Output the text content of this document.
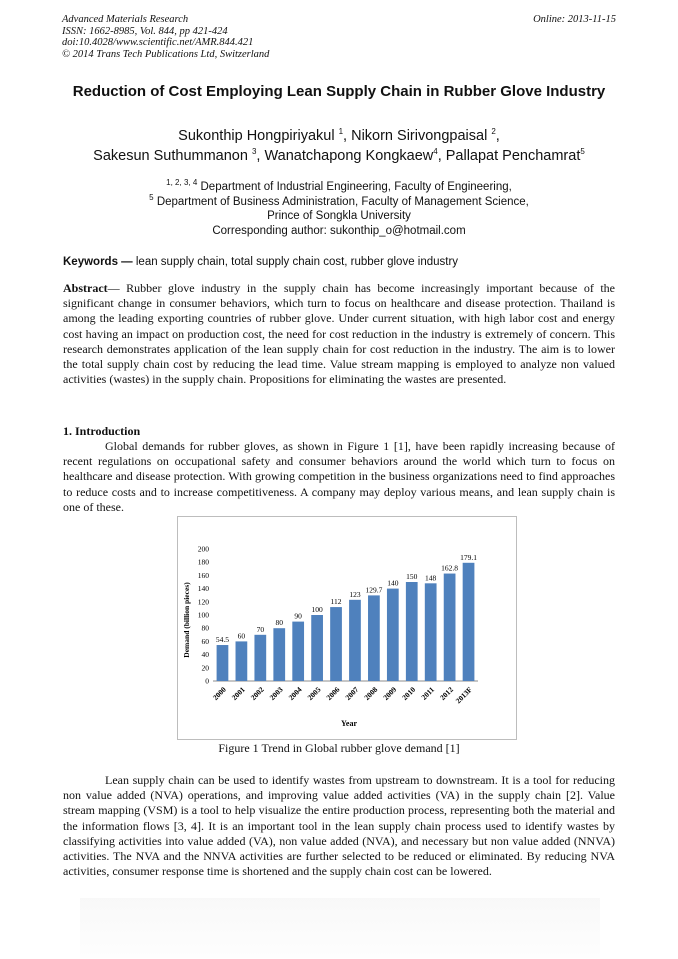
Advanced Materials Research
ISSN: 1662-8985, Vol. 844, pp 421-424
doi:10.4028/www.scientific.net/AMR.844.421
© 2014 Trans Tech Publications Ltd, Switzerland
Online: 2013-11-15
Reduction of Cost Employing Lean Supply Chain in Rubber Glove Industry
Sukonthip Hongpiriyakul $^1$, Nikorn Sirivongpaisal $^2$,
Sakesun Suthummanon $^3$, Wanatchapong Kongkaew$^4$, Pallapat Penchamrat$^5$
$^{1, 2, 3, 4}$ Department of Industrial Engineering, Faculty of Engineering,
$^5$ Department of Business Administration, Faculty of Management Science,
Prince of Songkla University
Corresponding author: sukonthip_o@hotmail.com
Keywords — lean supply chain, total supply chain cost, rubber glove industry
Abstract— Rubber glove industry in the supply chain has become increasingly important because of the significant change in consumer behaviors, which turn to focus on healthcare and disease protection. Thailand is among the leading exporting countries of rubber glove. Under current situation, with high labor cost and energy cost having an impact on production cost, the need for cost reduction in the industry is extremely of concern. This research demonstrates application of the lean supply chain for cost reduction in the industry. The aim is to lower the total supply chain cost by reducing the lead time. Value stream mapping is employed to analyze non valued activities (wastes) in the supply chain. Propositions for eliminating the wastes are presented.
1. Introduction
Global demands for rubber gloves, as shown in Figure 1 [1], have been rapidly increasing because of recent regulations on occupational safety and consumer behaviors around the world which turn to focus on healthcare and disease protection. With growing competition in the business organizations need to find approaches to reduce costs and to increase competitiveness. A company may deploy various means, and lean supply chain is one of these.
Demand (billion pieces)
Year
0
20
40
60
80
100
120
140
160
180
200
54.5
2000
60
2001
70
2002
80
2003
90
2004
100
2005
112
2006
123
2007
129.7
2008
140
2009
150
2010
148
2011
162.8
2012
179.1
2013F
Figure 1 Trend in Global rubber glove demand [1]
Lean supply chain can be used to identify wastes from upstream to downstream. It is a tool for reducing non value added (NVA) operations, and improving value added activities (VA) in the supply chain [2]. Value stream mapping (VSM) is a tool to help visualize the entire production process, representing both the material and the information flows [3, 4]. It is an important tool in the lean supply chain process used to identify wastes by classifying activities into value added (VA), non value added (NVA), and necessary but non value added (NNVA) activities. The NVA and the NNVA activities are further selected to be reduced or eliminated. By reducing NVA activities, consumer response time is shortened and the supply chain cost can be lowered.
